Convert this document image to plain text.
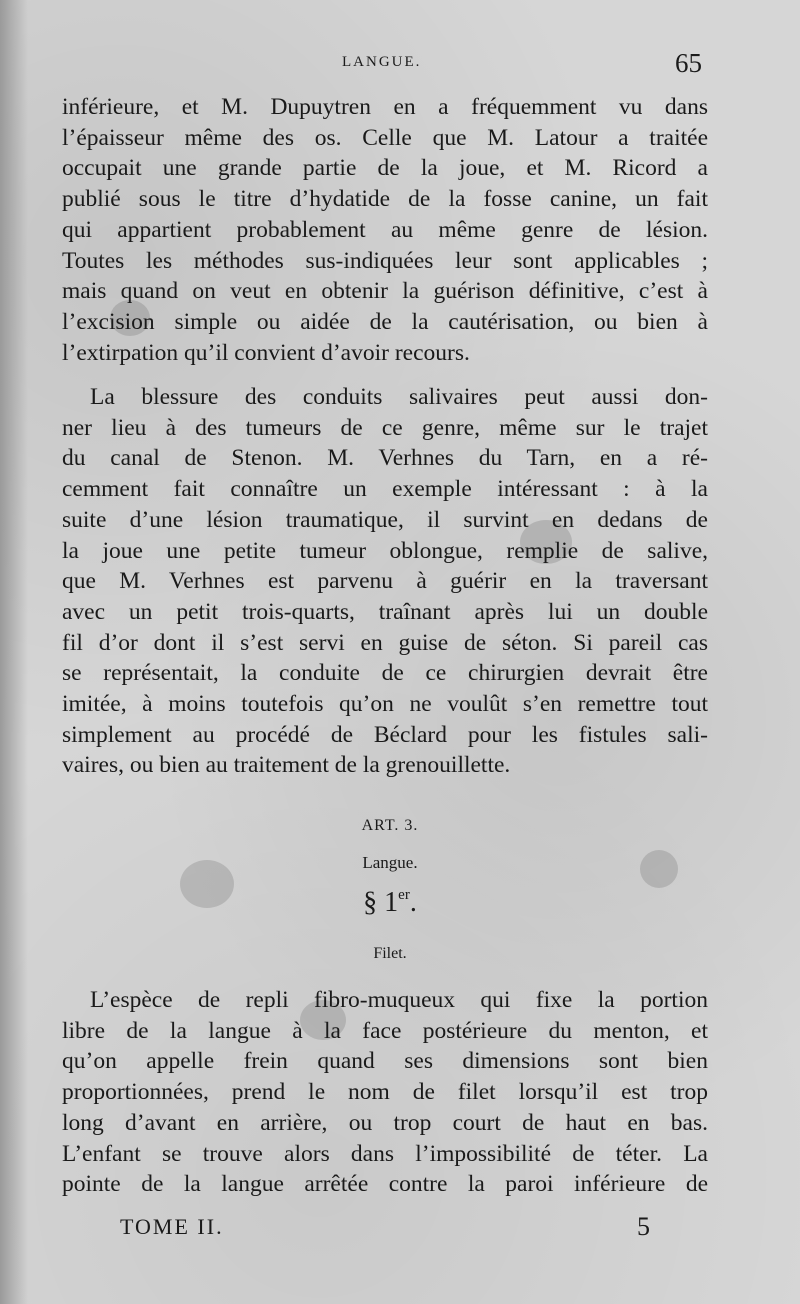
LANGUE.	65
inférieure, et M. Dupuytren en a fréquemment vu dans
l’épaisseur même des os. Celle que M. Latour a traitée
occupait une grande partie de la joue, et M. Ricord a
publié sous le titre d’hydatide de la fosse canine, un fait
qui appartient probablement au même genre de lésion.
Toutes les méthodes sus-indiquées leur sont applicables ;
mais quand on veut en obtenir la guérison définitive, c’est à
l’excision simple ou aidée de la cautérisation, ou bien à
l’extirpation qu’il convient d’avoir recours.
La blessure des conduits salivaires peut aussi don-
ner lieu à des tumeurs de ce genre, même sur le trajet
du canal de Stenon. M. Verhnes du Tarn, en a ré-
cemment fait connaître un exemple intéressant : à la
suite d’une lésion traumatique, il survint en dedans de
la joue une petite tumeur oblongue, remplie de salive,
que M. Verhnes est parvenu à guérir en la traversant
avec un petit trois-quarts, traînant après lui un double
fil d’or dont il s’est servi en guise de séton. Si pareil cas
se représentait, la conduite de ce chirurgien devrait être
imitée, à moins toutefois qu’on ne voulût s’en remettre tout
simplement au procédé de Béclard pour les fistules sali-
vaires, ou bien au traitement de la grenouillette.
ART. 3.
Langue.
§ 1er.
Filet.
L’espèce de repli fibro-muqueux qui fixe la portion
libre de la langue à la face postérieure du menton, et
qu’on appelle frein quand ses dimensions sont bien
proportionnées, prend le nom de filet lorsqu’il est trop
long d’avant en arrière, ou trop court de haut en bas.
L’enfant se trouve alors dans l’impossibilité de téter. La
pointe de la langue arrêtée contre la paroi inférieure de
TOME II.	5
